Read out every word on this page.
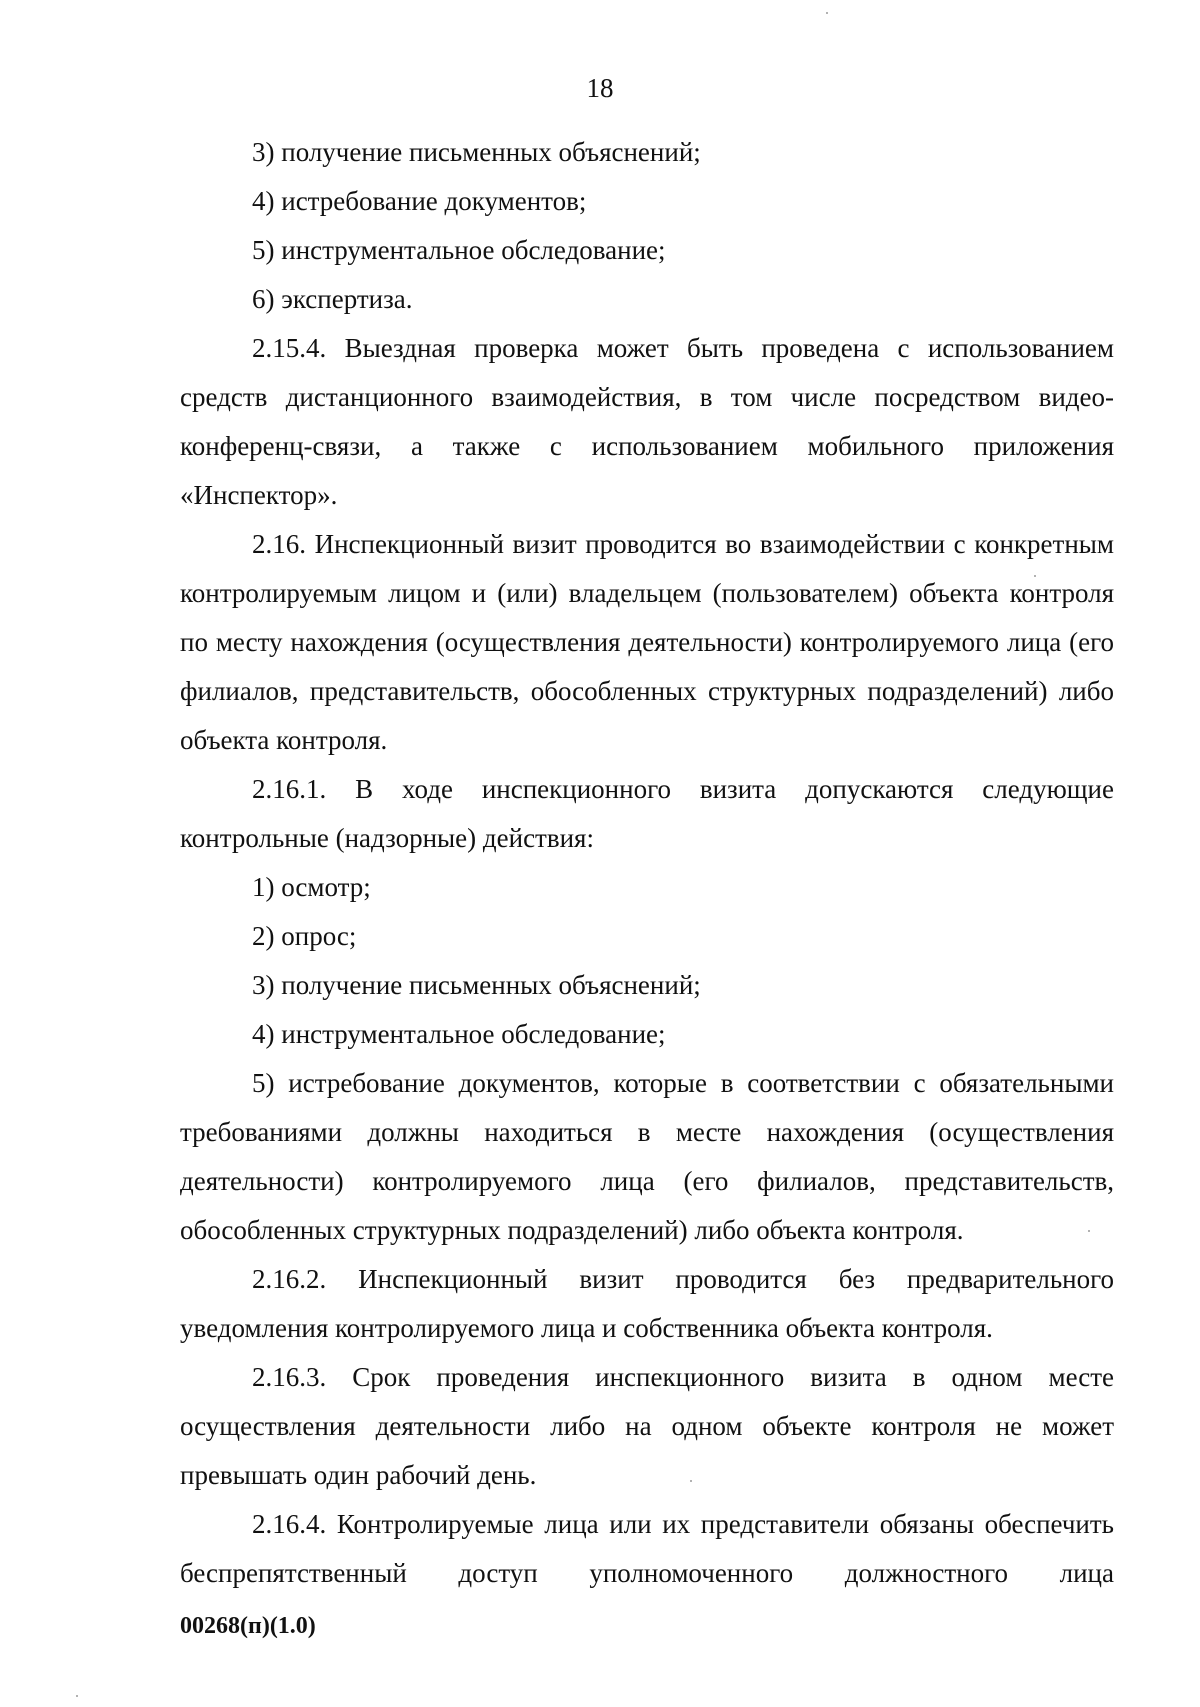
18

3) получение письменных объяснений;

4) истребование документов;

5) инструментальное обследование;

6) экспертиза.

2.15.4. Выездная проверка может быть проведена с использованием средств дистанционного взаимодействия, в том числе посредством видео-конференц-связи, а также с использованием мобильного приложения «Инспектор».

2.16. Инспекционный визит проводится во взаимодействии с конкретным контролируемым лицом и (или) владельцем (пользователем) объекта контроля по месту нахождения (осуществления деятельности) контролируемого лица (его филиалов, представительств, обособленных структурных подразделений) либо объекта контроля.

2.16.1. В ходе инспекционного визита допускаются следующие контрольные (надзорные) действия:

1) осмотр;

2) опрос;

3) получение письменных объяснений;

4) инструментальное обследование;

5) истребование документов, которые в соответствии с обязательными требованиями должны находиться в месте нахождения (осуществления деятельности) контролируемого лица (его филиалов, представительств, обособленных структурных подразделений) либо объекта контроля.

2.16.2. Инспекционный визит проводится без предварительного уведомления контролируемого лица и собственника объекта контроля.

2.16.3. Срок проведения инспекционного визита в одном месте осуществления деятельности либо на одном объекте контроля не может превышать один рабочий день.

2.16.4. Контролируемые лица или их представители обязаны обеспечить беспрепятственный доступ уполномоченного должностного лица

00268(п)(1.0)
